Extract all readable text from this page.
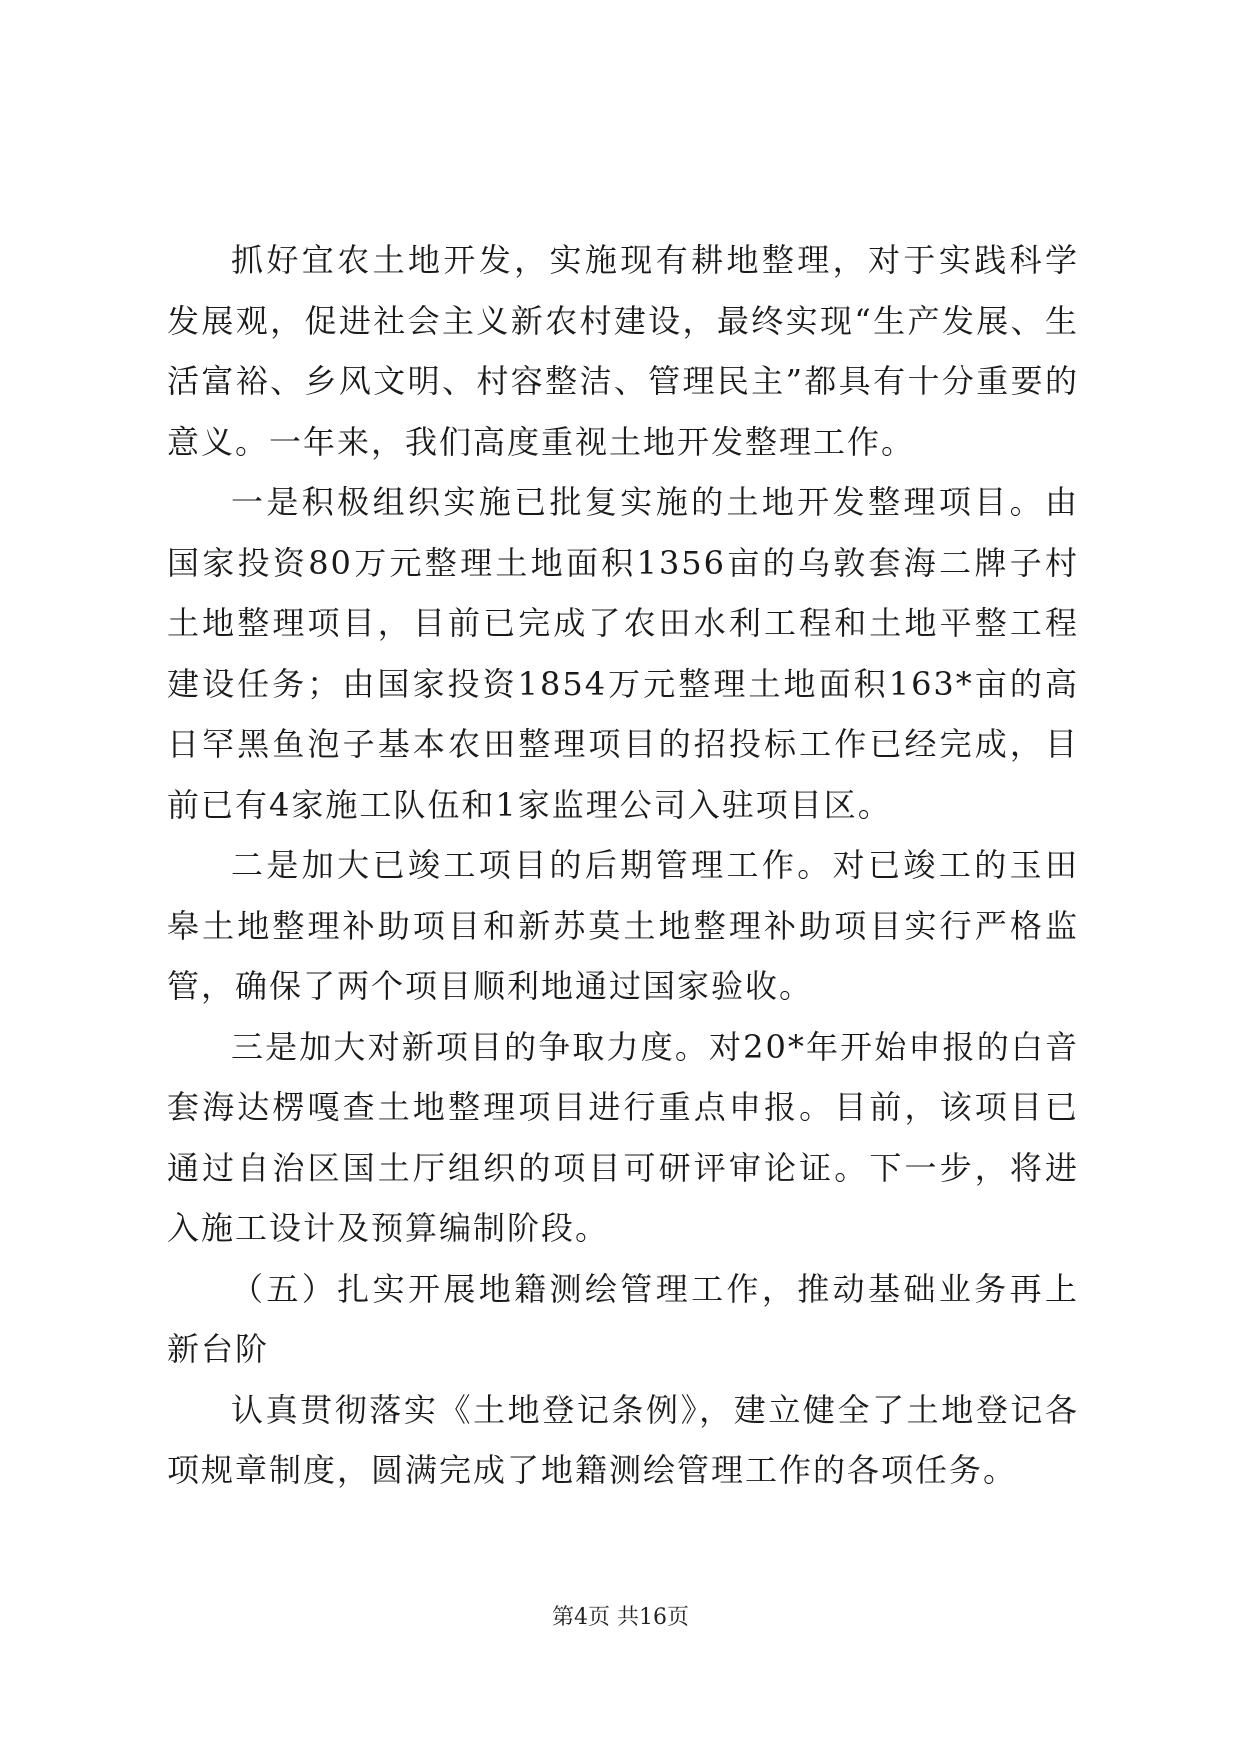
抓好宜农土地开发，实施现有耕地整理，对于实践科学发展观，促进社会主义新农村建设，最终实现“生产发展、生活富裕、乡风文明、村容整洁、管理民主”都具有十分重要的意义。一年来，我们高度重视土地开发整理工作。

一是积极组织实施已批复实施的土地开发整理项目。由国家投资80万元整理土地面积1356亩的乌敦套海二牌子村土地整理项目，目前已完成了农田水利工程和土地平整工程建设任务；由国家投资1854万元整理土地面积163*亩的高日罕黑鱼泡子基本农田整理项目的招投标工作已经完成，目前已有4家施工队伍和1家监理公司入驻项目区。

二是加大已竣工项目的后期管理工作。对已竣工的玉田皋土地整理补助项目和新苏莫土地整理补助项目实行严格监管，确保了两个项目顺利地通过国家验收。

三是加大对新项目的争取力度。对20*年开始申报的白音套海达楞嘎查土地整理项目进行重点申报。目前，该项目已通过自治区国土厅组织的项目可研评审论证。下一步，将进入施工设计及预算编制阶段。

（五）扎实开展地籍测绘管理工作，推动基础业务再上新台阶

认真贯彻落实《土地登记条例》，建立健全了土地登记各项规章制度，圆满完成了地籍测绘管理工作的各项任务。

第4页 共16页
